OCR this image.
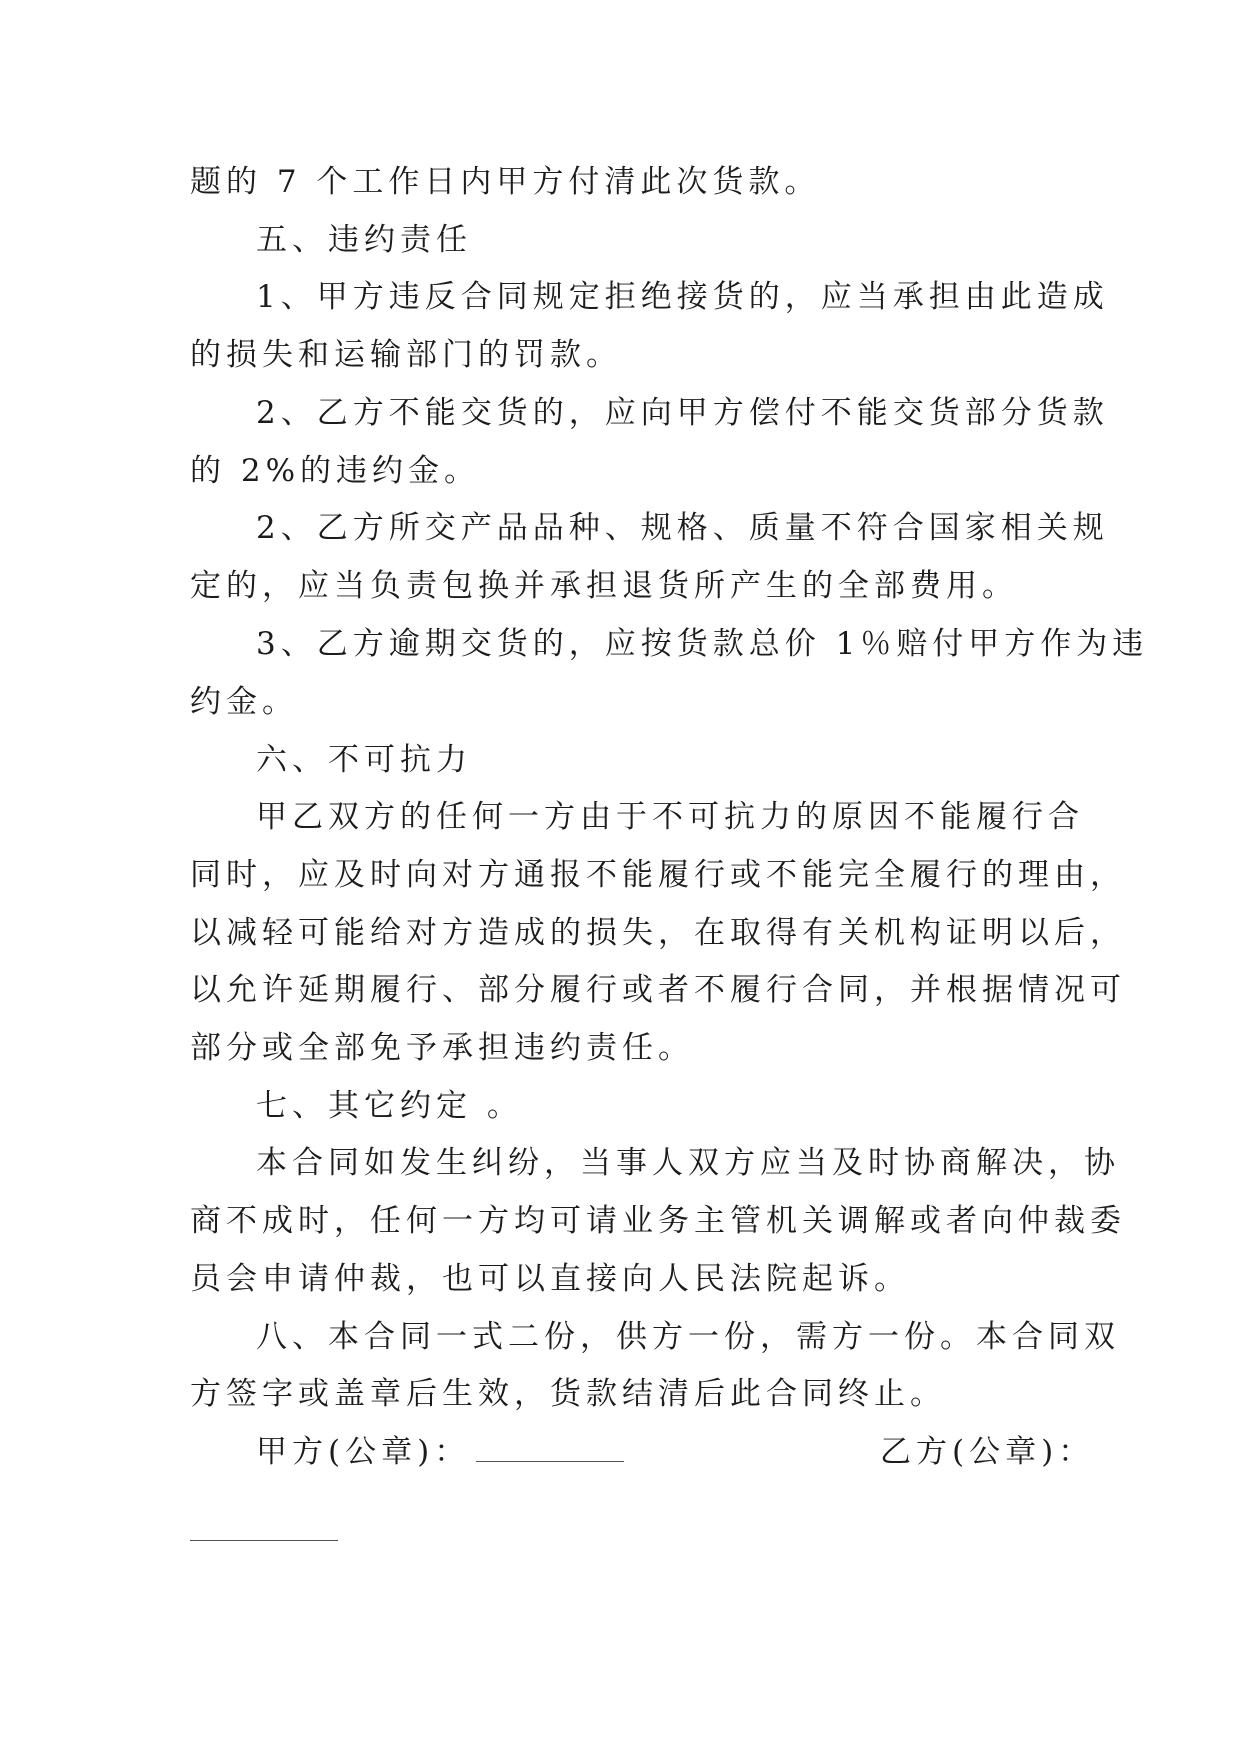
题的 7 个工作日内甲方付清此次货款。
五、违约责任
1、甲方违反合同规定拒绝接货的，应当承担由此造成
的损失和运输部门的罚款。
2、乙方不能交货的，应向甲方偿付不能交货部分货款
的 2%的违约金。
2、乙方所交产品品种、规格、质量不符合国家相关规
定的，应当负责包换并承担退货所产生的全部费用。
3、乙方逾期交货的，应按货款总价 1％赔付甲方作为违
约金。
六、不可抗力
甲乙双方的任何一方由于不可抗力的原因不能履行合
同时，应及时向对方通报不能履行或不能完全履行的理由，
以减轻可能给对方造成的损失，在取得有关机构证明以后，
以允许延期履行、部分履行或者不履行合同，并根据情况可
部分或全部免予承担违约责任。
七、其它约定 。
本合同如发生纠纷，当事人双方应当及时协商解决，协
商不成时，任何一方均可请业务主管机关调解或者向仲裁委
员会申请仲裁，也可以直接向人民法院起诉。
八、本合同一式二份，供方一份，需方一份。本合同双
方签字或盖章后生效，货款结清后此合同终止。
甲方(公章)：	乙方(公章)：
